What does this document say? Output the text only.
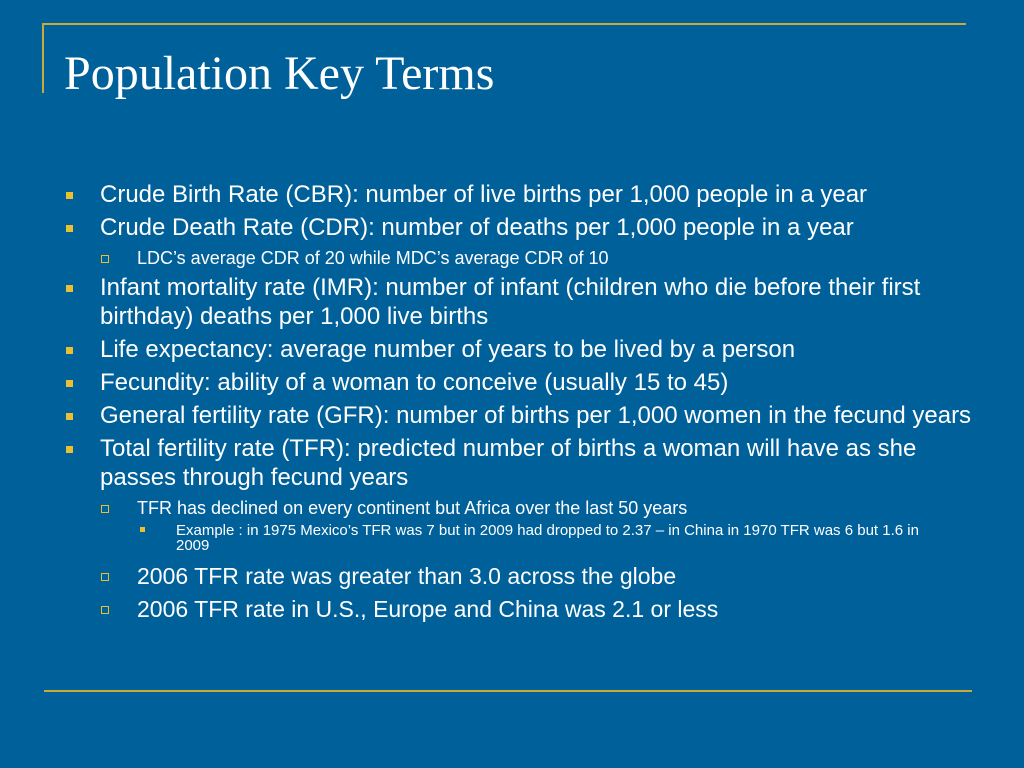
Population Key Terms
Crude Birth Rate (CBR): number of live births per 1,000 people in a year
Crude Death Rate (CDR): number of deaths per 1,000 people in a year
LDC’s average CDR of 20 while MDC’s average CDR of 10
Infant mortality rate (IMR): number of infant (children who die before their first birthday) deaths per 1,000 live births
Life expectancy: average number of years to be lived by a person
Fecundity: ability of a woman to conceive (usually 15 to 45)
General fertility rate (GFR): number of births per 1,000 women in the fecund years
Total fertility rate (TFR): predicted number of births a woman will have as she passes through fecund years
TFR has declined on every continent but Africa over the last 50 years
Example : in 1975 Mexico’s TFR was 7 but in 2009 had dropped to 2.37 – in China in 1970 TFR was 6 but 1.6 in 2009
2006 TFR rate was greater than 3.0 across the globe
2006 TFR rate in U.S., Europe and China was 2.1 or less
